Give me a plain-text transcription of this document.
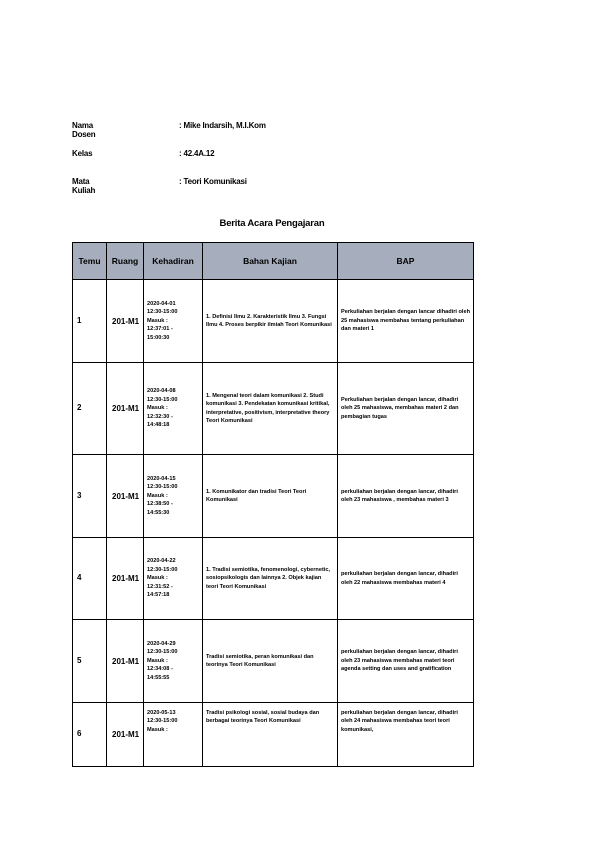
Nama Dosen
: Mike Indarsih, M.I.Kom
Kelas	: 42.4A.12
Mata Kuliah
: Teori Komunikasi
Berita Acara Pengajaran
Temu	Ruang	Kehadiran	Bahan Kajian	BAP
1	201-M1	2020-04-01
12:30-15:00
Masuk :
12:37:01 -
15:00:30	1. Definisi Ilmu 2. Karakteristik Ilmu 3. Fungsi Ilmu 4. Proses berpikir ilmiah Teori Komunikasi	Perkuliahan berjalan dengan lancar dihadiri oleh 25 mahasiswa membahas tentang perkuliahan dan materi 1
2	201-M1	2020-04-08
12:30-15:00
Masuk :
12:32:30 -
14:48:18	1. Mengenal teori dalam komunikasi 2. Studi komunikasi 3. Pendekatan komunikasi kritikal, interpretative, positivism, interpretative theory Teori Komunikasi	Perkuliahan berjalan dengan lancar, dihadiri oleh 25 mahasiswa, membahas materi 2 dan pembagian tugas
3	201-M1	2020-04-15
12:30-15:00
Masuk :
12:38:50 -
14:55:30	1. Komunikator dan tradisi Teori Teori Komunikasi	perkuliahan berjalan dengan lancar, dihadiri oleh 23 mahasiswa , membahas materi 3
4	201-M1	2020-04-22
12:30-15:00
Masuk :
12:31:52 -
14:57:18	1. Tradisi semiotika, fenomenologi, cybernetic, sosiopsikologis dan lainnya 2. Objek kajian teori Teori Komunikasi	perkuliahan berjalan dengan lancar, dihadiri oleh 22 mahasiswa membahas materi 4
5	201-M1	2020-04-29
12:30-15:00
Masuk :
12:34:08 -
14:55:55	Tradisi semiotika, peran komunikasi dan teorinya Teori Komunikasi	perkuliahan berjalan dengan lancar, dihadiri oleh 23 mahasiswa membahas materi teori agenda setting dan uses and gratification
6	201-M1	2020-05-13
12:30-15:00
Masuk :	Tradisi psikologi sosial, sosial budaya dan berbagai teorinya Teori Komunikasi	perkuliahan berjalan dengan lancar, dihadiri oleh 24 mahasiswa membahas teori teori komunikasi,
